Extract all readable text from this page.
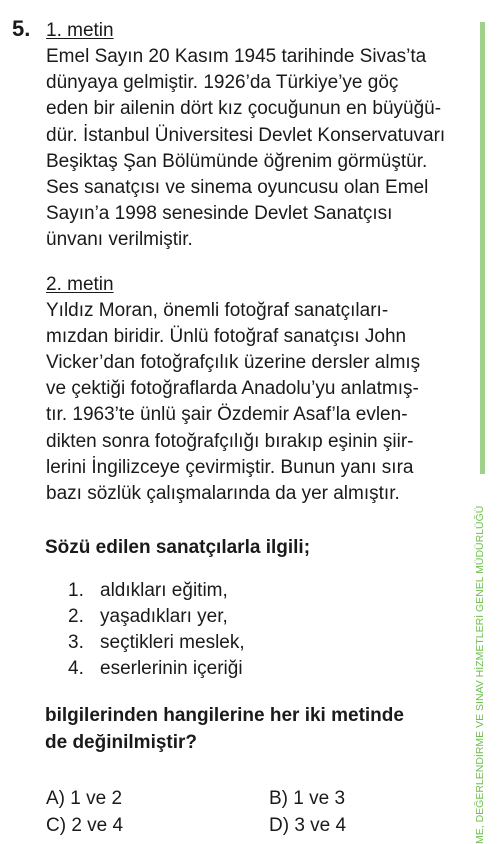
5. 1. metin
Emel Sayın 20 Kasım 1945 tarihinde Sivas’ta
dünyaya gelmiştir. 1926’da Türkiye’ye göç
eden bir ailenin dört kız çocuğunun en büyüğü-
dür. İstanbul Üniversitesi Devlet Konservatuvarı
Beşiktaş Şan Bölümünde öğrenim görmüştür.
Ses sanatçısı ve sinema oyuncusu olan Emel
Sayın’a 1998 senesinde Devlet Sanatçısı
ünvanı verilmiştir.
2. metin
Yıldız Moran, önemli fotoğraf sanatçıları-
mızdan biridir. Ünlü fotoğraf sanatçısı John
Vicker’dan fotoğrafçılık üzerine dersler almış
ve çektiği fotoğraflarda Anadolu’yu anlatmış-
tır. 1963’te ünlü şair Özdemir Asaf’la evlen-
dikten sonra fotoğrafçılığı bırakıp eşinin şiir-
lerini İngilizceye çevirmiştir. Bunun yanı sıra
bazı sözlük çalışmalarında da yer almıştır.
Sözü edilen sanatçılarla ilgili;
1. aldıkları eğitim,
2. yaşadıkları yer,
3. seçtikleri meslek,
4. eserlerinin içeriği
bilgilerinden hangilerine her iki metinde
de değinilmiştir?
A) 1 ve 2	B) 1 ve 3
C) 2 ve 4	D) 3 ve 4	ME, DEĞERLENDİRME VE SINAV HİZMETLERİ GENEL MÜDÜRLÜĞÜ
